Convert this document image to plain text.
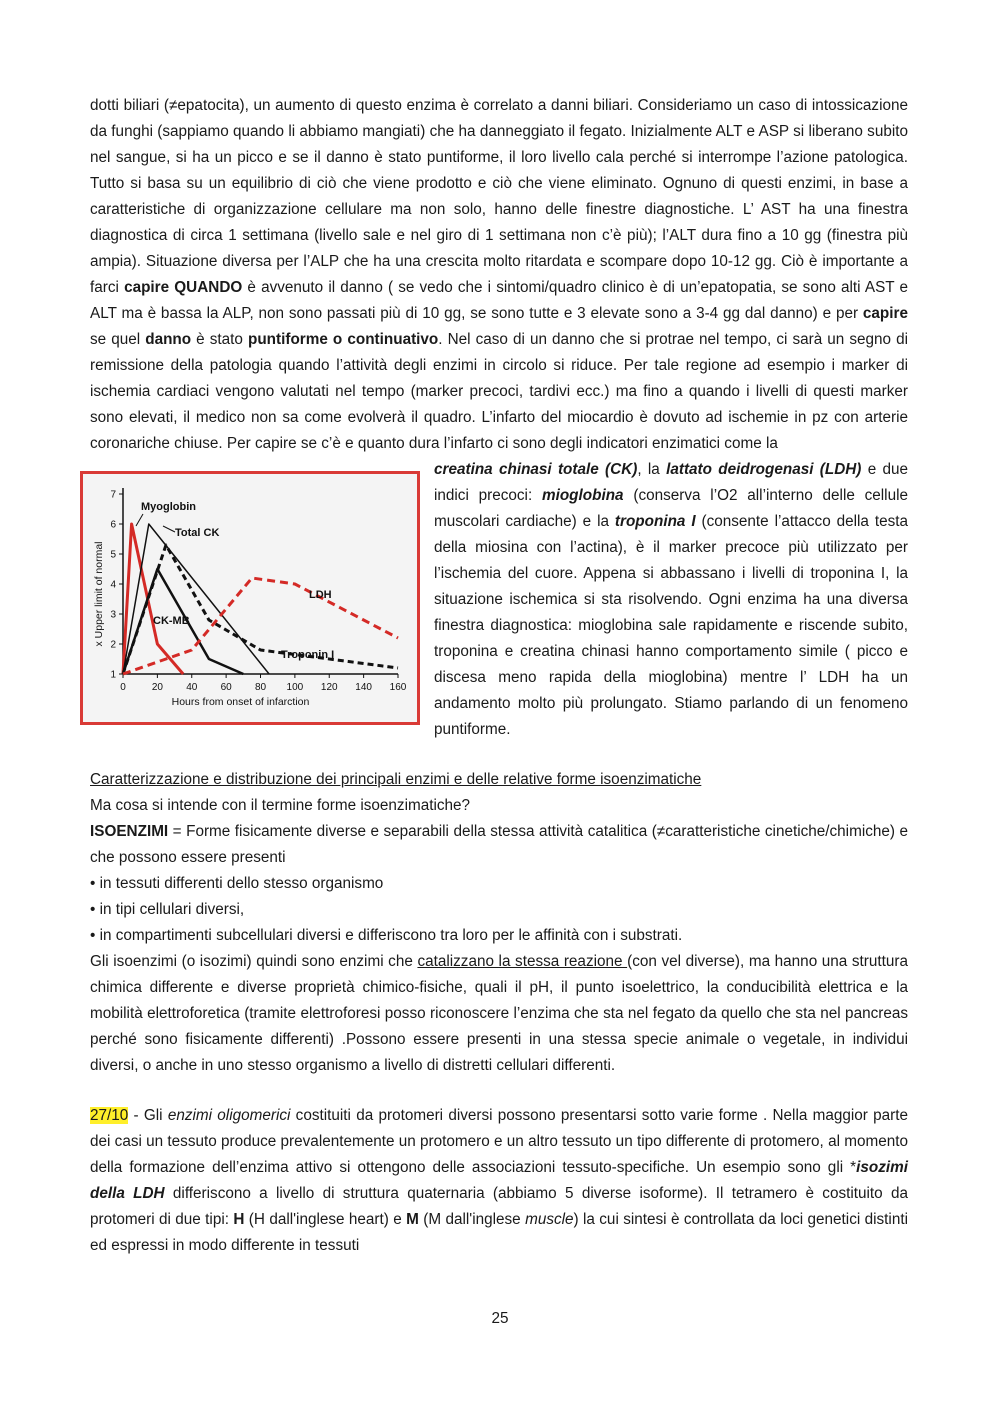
dotti biliari (≠epatocita), un aumento di questo enzima è correlato a danni biliari. Consideriamo un caso di intossicazione da funghi (sappiamo quando li abbiamo mangiati) che ha danneggiato il fegato. Inizialmente ALT e ASP si liberano subito nel sangue, si ha un picco e se il danno è stato puntiforme, il loro livello cala perché si interrompe l’azione patologica. Tutto si basa su un equilibrio di ciò che viene prodotto e ciò che viene eliminato. Ognuno di questi enzimi, in base a caratteristiche di organizzazione cellulare ma non solo, hanno delle finestre diagnostiche. L’ AST ha una finestra diagnostica di circa 1 settimana (livello sale e nel giro di 1 settimana non c’è più); l’ALT dura fino a 10 gg (finestra più ampia). Situazione diversa per l’ALP che ha una crescita molto ritardata e scompare dopo 10-12 gg. Ciò è importante a farci capire QUANDO è avvenuto il danno ( se vedo che i sintomi/quadro clinico è di un’epatopatia, se sono alti AST e ALT ma è bassa la ALP, non sono passati più di 10 gg, se sono tutte e 3 elevate sono a 3-4 gg dal danno) e per capire se quel danno è stato puntiforme o continuativo. Nel caso di un danno che si protrae nel tempo, ci sarà un segno di remissione della patologia quando l’attività degli enzimi in circolo si riduce. Per tale regione ad esempio i marker di ischemia cardiaci vengono valutati nel tempo (marker precoci, tardivi ecc.) ma fino a quando i livelli di questi marker sono elevati, il medico non sa come evolverà il quadro. L’infarto del miocardio è dovuto ad ischemie in pz con arterie coronariche chiuse. Per capire se c’è e quanto dura l’infarto ci sono degli indicatori enzimatici come la

0	20 40 60 80 100 120 140 160
1
2
3
4
5
6
7
Hours from onset of infarction
x Upper limit of normal
Myoglobin
Total CK
LDH
CK-MB
Troponin I

creatina chinasi totale (CK), la lattato deidrogenasi (LDH) e due indici precoci: mioglobina (conserva l’O2 all’interno delle cellule muscolari cardiache) e la troponina I (consente l’attacco della testa della miosina con l’actina), è il marker precoce più utilizzato per l’ischemia del cuore. Appena si abbassano i livelli di troponina I, la situazione ischemica si sta risolvendo. Ogni enzima ha una diversa finestra diagnostica: mioglobina sale rapidamente e riscende subito, troponina e creatina chinasi hanno comportamento simile ( picco e discesa meno rapida della mioglobina) mentre l’ LDH ha un andamento molto più prolungato. Stiamo parlando di un fenomeno puntiforme.

Caratterizzazione e distribuzione dei principali enzimi e delle relative forme isoenzimatiche

Ma cosa si intende con il termine forme isoenzimatiche?

ISOENZIMI = Forme fisicamente diverse e separabili della stessa attività catalitica (≠caratteristiche cinetiche/chimiche) e che possono essere presenti

• in tessuti differenti dello stesso organismo
• in tipi cellulari diversi,
• in compartimenti subcellulari diversi e differiscono tra loro per le affinità con i substrati.

Gli isoenzimi (o isozimi) quindi sono enzimi che catalizzano la stessa reazione (con vel diverse), ma hanno una struttura chimica differente e diverse proprietà chimico-fisiche, quali il pH, il punto isoelettrico, la conducibilità elettrica e la mobilità elettroforetica (tramite elettroforesi posso riconoscere l’enzima che sta nel fegato da quello che sta nel pancreas perché sono fisicamente differenti) .Possono essere presenti in una stessa specie animale o vegetale, in individui diversi, o anche in uno stesso organismo a livello di distretti cellulari differenti.

27/10 - Gli enzimi oligomerici costituiti da protomeri diversi possono presentarsi sotto varie forme . Nella maggior parte dei casi un tessuto produce prevalentemente un protomero e un altro tessuto un tipo differente di protomero, al momento della formazione dell’enzima attivo si ottengono delle associazioni tessuto-specifiche. Un esempio sono gli *isozimi della LDH differiscono a livello di struttura quaternaria (abbiamo 5 diverse isoforme). Il tetramero è costituito da protomeri di due tipi: H (H dall'inglese heart) e M (M dall'inglese muscle) la cui sintesi è controllata da loci genetici distinti ed espressi in modo differente in tessuti

25
